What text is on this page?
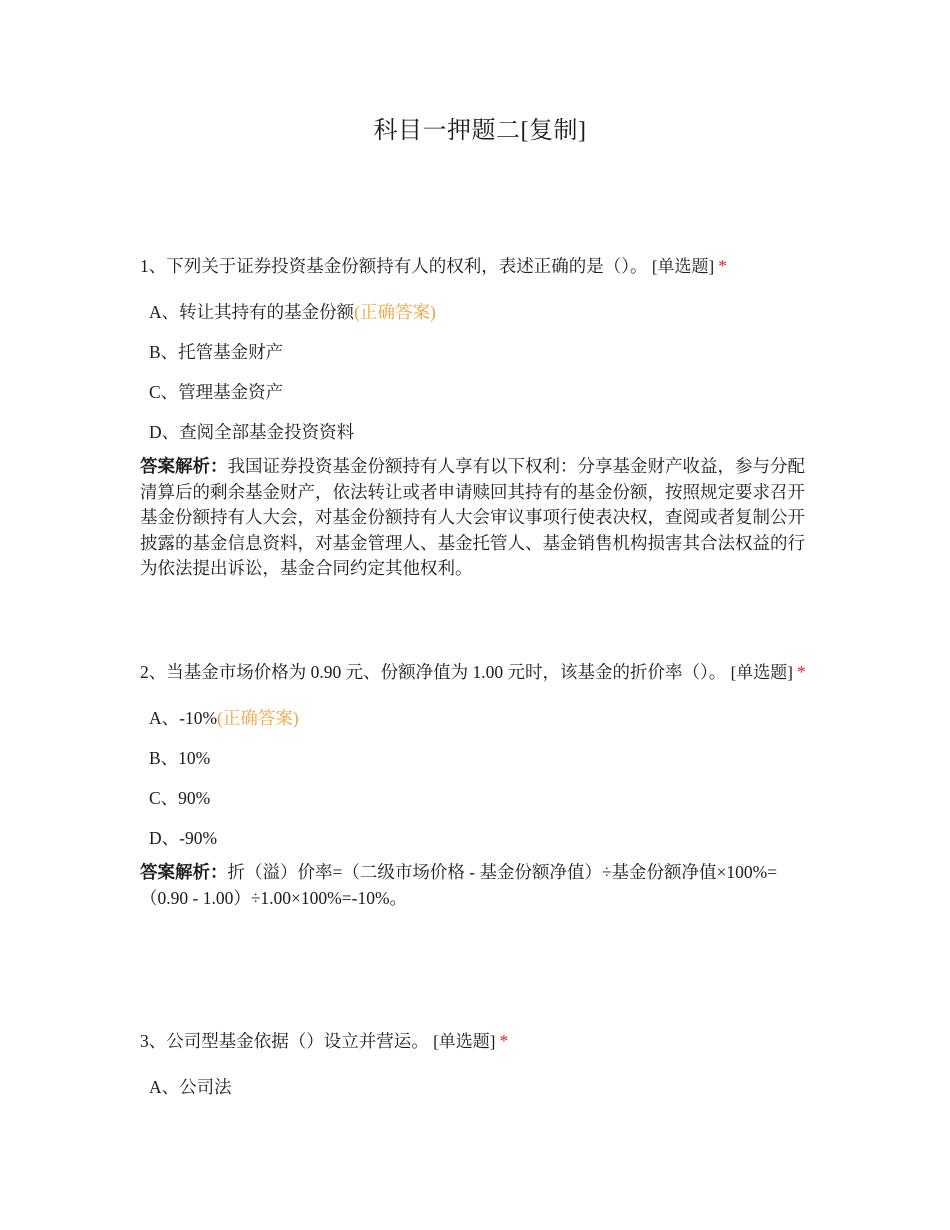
科目一押题二[复制]
1、下列关于证券投资基金份额持有人的权利，表述正确的是（）。 [单选题] *
A、转让其持有的基金份额(正确答案)
B、托管基金财产
C、管理基金资产
D、查阅全部基金投资资料
答案解析：我国证券投资基金份额持有人享有以下权利：分享基金财产收益，参与分配清算后的剩余基金财产，依法转让或者申请赎回其持有的基金份额，按照规定要求召开基金份额持有人大会，对基金份额持有人大会审议事项行使表决权，查阅或者复制公开披露的基金信息资料，对基金管理人、基金托管人、基金销售机构损害其合法权益的行为依法提出诉讼，基金合同约定其他权利。
2、当基金市场价格为 0.90 元、份额净值为 1.00 元时，该基金的折价率（）。 [单选题] *
A、-10%(正确答案)
B、10%
C、90%
D、-90%
答案解析：折（溢）价率=（二级市场价格 - 基金份额净值）÷基金份额净值×100%=（0.90 - 1.00）÷1.00×100%=-10%。
3、公司型基金依据（）设立并营运。 [单选题] *
A、公司法
